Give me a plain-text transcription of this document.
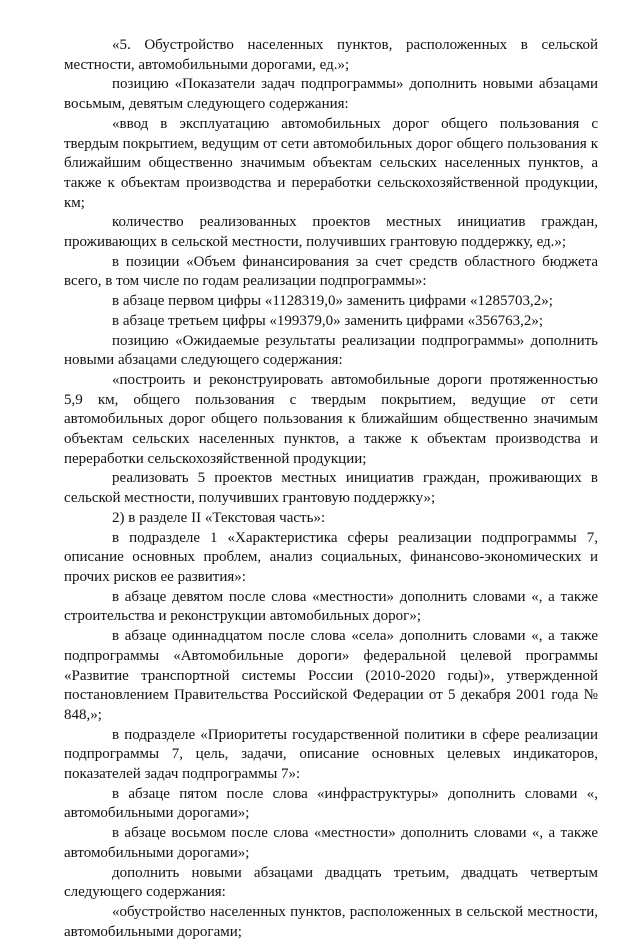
«5. Обустройство населенных пунктов, расположенных в сельской местности, автомобильными дорогами, ед.»;

позицию «Показатели задач подпрограммы» дополнить новыми абзацами восьмым, девятым следующего содержания:

«ввод в эксплуатацию автомобильных дорог общего пользования с твердым покрытием, ведущим от сети автомобильных дорог общего пользования к ближайшим общественно значимым объектам сельских населенных пунктов, а также к объектам производства и переработки сельскохозяйственной продукции, км;

количество реализованных проектов местных инициатив граждан, проживающих в сельской местности, получивших грантовую поддержку, ед.»;

в позиции «Объем финансирования за счет средств областного бюджета всего, в том числе по годам реализации подпрограммы»:

в абзаце первом цифры «1128319,0» заменить цифрами «1285703,2»;

в абзаце третьем цифры «199379,0» заменить цифрами «356763,2»;

позицию «Ожидаемые результаты реализации подпрограммы» дополнить новыми абзацами следующего содержания:

«построить и реконструировать автомобильные дороги протяженностью 5,9 км, общего пользования с твердым покрытием, ведущие от сети автомобильных дорог общего пользования к ближайшим общественно значимым объектам сельских населенных пунктов, а также к объектам производства и переработки сельскохозяйственной продукции;

реализовать 5 проектов местных инициатив граждан, проживающих в сельской местности, получивших грантовую поддержку»;

2) в разделе II «Текстовая часть»:

в подразделе 1 «Характеристика сферы реализации подпрограммы 7, описание основных проблем, анализ социальных, финансово-экономических и прочих рисков ее развития»:

в абзаце девятом после слова «местности» дополнить словами «, а также строительства и реконструкции автомобильных дорог»;

в абзаце одиннадцатом после слова «села» дополнить словами «, а также подпрограммы «Автомобильные дороги» федеральной целевой программы «Развитие транспортной системы России (2010-2020 годы)», утвержденной постановлением Правительства Российской Федерации от 5 декабря 2001 года № 848,»;

в подразделе «Приоритеты государственной политики в сфере реализации подпрограммы 7, цель, задачи, описание основных целевых индикаторов, показателей задач подпрограммы 7»:

в абзаце пятом после слова «инфраструктуры» дополнить словами «, автомобильными дорогами»;

в абзаце восьмом после слова «местности» дополнить словами «, а также автомобильными дорогами»;

дополнить новыми абзацами двадцать третьим, двадцать четвертым следующего содержания:

«обустройство населенных пунктов, расположенных в сельской местности, автомобильными дорогами;
